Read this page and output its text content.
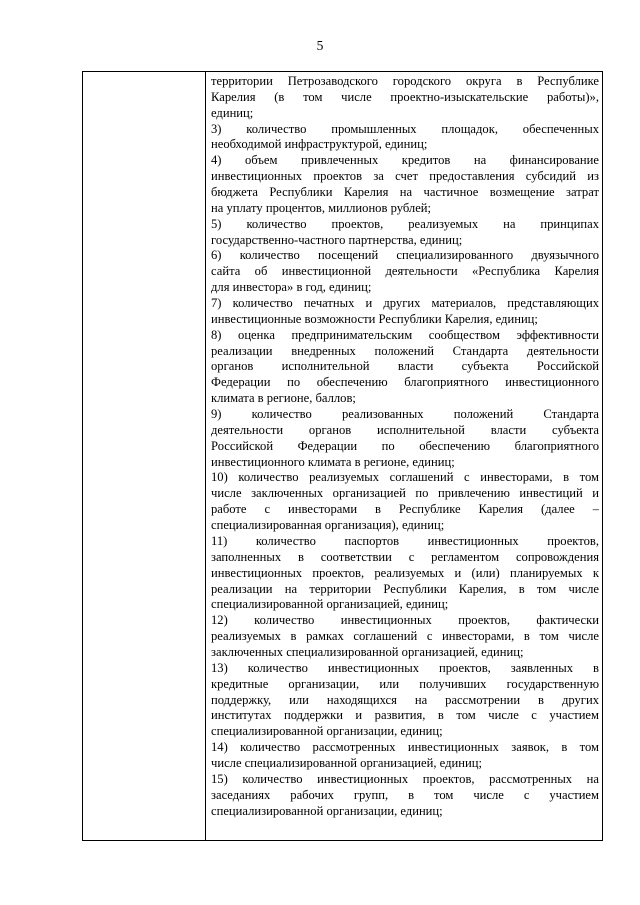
5
территории Петрозаводского городского округа в Республике
Карелия (в том числе проектно-изыскательские работы)»,
единиц;
3) количество промышленных площадок, обеспеченных
необходимой инфраструктурой, единиц;
4) объем привлеченных кредитов на финансирование
инвестиционных проектов за счет предоставления субсидий из
бюджета Республики Карелия на частичное возмещение затрат
на уплату процентов, миллионов рублей;
5) количество проектов, реализуемых на принципах
государственно-частного партнерства, единиц;
6) количество посещений специализированного двуязычного
сайта об инвестиционной деятельности «Республика Карелия
для инвестора» в год, единиц;
7) количество печатных и других материалов, представляющих
инвестиционные возможности Республики Карелия, единиц;
8) оценка предпринимательским сообществом эффективности
реализации внедренных положений Стандарта деятельности
органов исполнительной власти субъекта Российской
Федерации по обеспечению благоприятного инвестиционного
климата в регионе, баллов;
9) количество реализованных положений Стандарта
деятельности органов исполнительной власти субъекта
Российской Федерации по обеспечению благоприятного
инвестиционного климата в регионе, единиц;
10) количество реализуемых соглашений с инвесторами, в том
числе заключенных организацией по привлечению инвестиций и
работе с инвесторами в Республике Карелия (далее –
специализированная организация), единиц;
11) количество паспортов инвестиционных проектов,
заполненных в соответствии с регламентом сопровождения
инвестиционных проектов, реализуемых и (или) планируемых к
реализации на территории Республики Карелия, в том числе
специализированной организацией, единиц;
12) количество инвестиционных проектов, фактически
реализуемых в рамках соглашений с инвесторами, в том числе
заключенных специализированной организацией, единиц;
13) количество инвестиционных проектов, заявленных в
кредитные организации, или получивших государственную
поддержку, или находящихся на рассмотрении в других
институтах поддержки и развития, в том числе с участием
специализированной организации, единиц;
14) количество рассмотренных инвестиционных заявок, в том
числе специализированной организацией, единиц;
15) количество инвестиционных проектов, рассмотренных на
заседаниях рабочих групп, в том числе с участием
специализированной организации, единиц;
